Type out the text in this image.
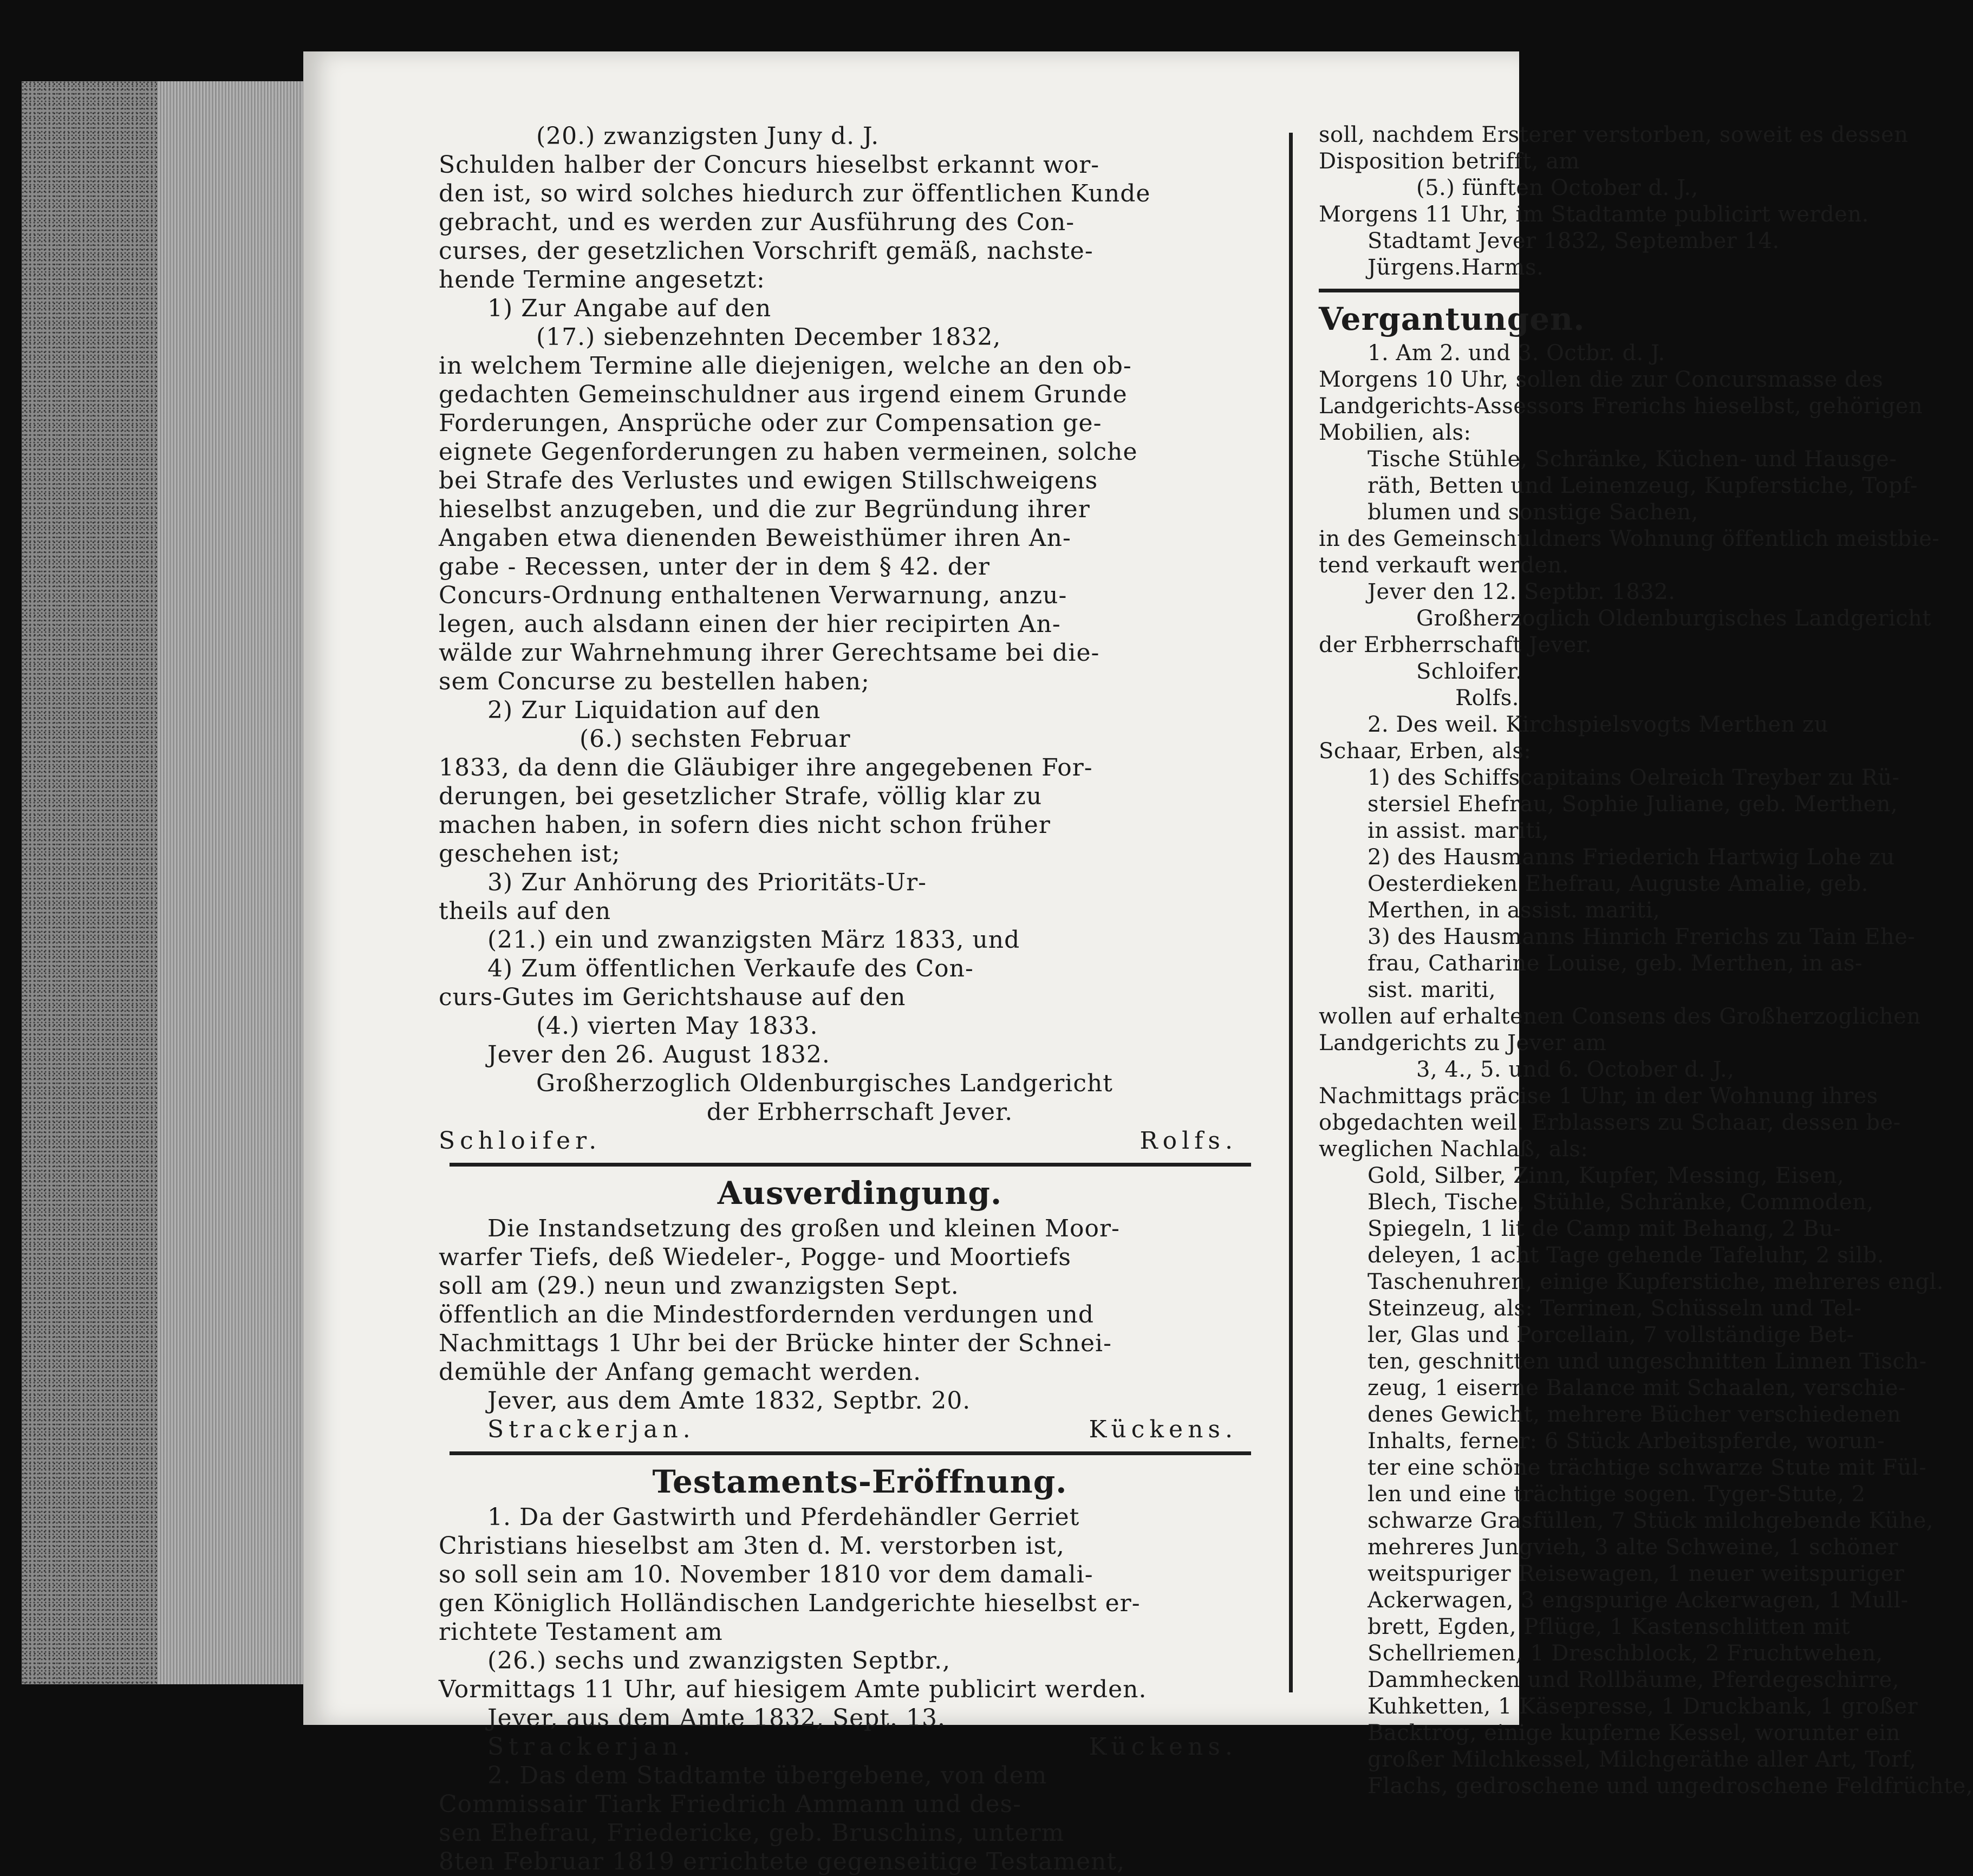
(20.) zwanzigsten Juny d. J.
Schulden halber der Concurs hieselbst erkannt wor-
den ist, so wird solches hiedurch zur öffentlichen Kunde
gebracht, und es werden zur Ausführung des Con-
curses, der gesetzlichen Vorschrift gemäß, nachste-
hende Termine angesetzt:
1) Zur Angabe auf den
(17.) siebenzehnten December 1832,
in welchem Termine alle diejenigen, welche an den ob-
gedachten Gemeinschuldner aus irgend einem Grunde
Forderungen, Ansprüche oder zur Compensation ge-
eignete Gegenforderungen zu haben vermeinen, solche
bei Strafe des Verlustes und ewigen Stillschweigens
hieselbst anzugeben, und die zur Begründung ihrer
Angaben etwa dienenden Beweisthümer ihren An-
gabe - Recessen, unter der in dem § 42. der
Concurs-Ordnung enthaltenen Verwarnung, anzu-
legen, auch alsdann einen der hier recipirten An-
wälde zur Wahrnehmung ihrer Gerechtsame bei die-
sem Concurse zu bestellen haben;
2) Zur Liquidation auf den
(6.) sechsten Februar
1833, da denn die Gläubiger ihre angegebenen For-
derungen, bei gesetzlicher Strafe, völlig klar zu
machen haben, in sofern dies nicht schon früher
geschehen ist;
3) Zur Anhörung des Prioritäts-Ur-
theils auf den
(21.) ein und zwanzigsten März 1833, und
4) Zum öffentlichen Verkaufe des Con-
curs-Gutes im Gerichtshause auf den
(4.) vierten May 1833.
Jever den 26. August 1832.
Großherzoglich Oldenburgisches Landgericht
der Erbherrschaft Jever.
Schloifer.	Rolfs.
Ausverdingung.
Die Instandsetzung des großen und kleinen Moor-
warfer Tiefs, deß Wiedeler-, Pogge- und Moortiefs
soll am (29.) neun und zwanzigsten Sept.
öffentlich an die Mindestfordernden verdungen und
Nachmittags 1 Uhr bei der Brücke hinter der Schnei-
demühle der Anfang gemacht werden.
Jever, aus dem Amte 1832, Septbr. 20.
Strackerjan.	Kückens.
Testaments-Eröffnung.
1. Da der Gastwirth und Pferdehändler Gerriet
Christians hieselbst am 3ten d. M. verstorben ist,
so soll sein am 10. November 1810 vor dem damali-
gen Königlich Holländischen Landgerichte hieselbst er-
richtete Testament am
(26.) sechs und zwanzigsten Septbr.,
Vormittags 11 Uhr, auf hiesigem Amte publicirt werden.
Jever, aus dem Amte 1832, Sept. 13.
Strackerjan.	Kückens.
2. Das dem Stadtamte übergebene, von dem
Commissair Tiark Friedrich Ammann und des-
sen Ehefrau, Friedericke, geb. Bruschins, unterm
8ten Februar 1819 errichtete gegenseitige Testament,
soll, nachdem Ersterer verstorben, soweit es dessen
Disposition betrifft, am
(5.) fünften October d. J.,
Morgens 11 Uhr, im Stadtamte publicirt werden.
Stadtamt Jever 1832, September 14.
Jürgens. Harms.
Vergantungen.
1. Am 2. und 3. Octbr. d. J.
Morgens 10 Uhr, sollen die zur Concursmasse des
Landgerichts-Assessors Frerichs hieselbst, gehörigen
Mobilien, als:
Tische Stühle, Schränke, Küchen- und Hausge-
räth, Betten und Leinenzeug, Kupferstiche, Topf-
blumen und sonstige Sachen,
in des Gemeinschuldners Wohnung öffentlich meistbie-
tend verkauft werden.
Jever den 12. Septbr. 1832.
Großherzoglich Oldenburgisches Landgericht
der Erbherrschaft Jever.
Schloifer.
Rolfs.
2. Des weil. Kirchspielsvogts Merthen zu
Schaar, Erben, als:
1) des Schiffscapitains Oelreich Treyber zu Rü-
stersiel Ehefrau, Sophie Juliane, geb. Merthen,
in assist. mariti,
2) des Hausmanns Friederich Hartwig Lohe zu
Oesterdieken Ehefrau, Auguste Amalie, geb.
Merthen, in assist. mariti,
3) des Hausmanns Hinrich Frerichs zu Tain Ehe-
frau, Catharine Louise, geb. Merthen, in as-
sist. mariti,
wollen auf erhaltenen Consens des Großherzoglichen
Landgerichts zu Jever am
3, 4., 5. und 6. October d. J.,
Nachmittags präcise 1 Uhr, in der Wohnung ihres
obgedachten weil. Erblassers zu Schaar, dessen be-
weglichen Nachlaß, als:
Gold, Silber, Zinn, Kupfer, Messing, Eisen,
Blech, Tische, Stühle, Schränke, Commoden,
Spiegeln, 1 lit de Camp mit Behang, 2 Bu-
deleyen, 1 acht Tage gehende Tafeluhr, 2 silb.
Taschenuhren, einige Kupferstiche, mehreres engl.
Steinzeug, als: Terrinen, Schüsseln und Tel-
ler, Glas und Porcellain, 7 vollständige Bet-
ten, geschnitten und ungeschnitten Linnen Tisch-
zeug, 1 eiserne Balance mit Schaalen, verschie-
denes Gewicht, mehrere Bücher verschiedenen
Inhalts, ferner: 6 Stück Arbeitspferde, worun-
ter eine schöne trächtige schwarze Stute mit Fül-
len und eine trächtige sogen. Tyger-Stute, 2
schwarze Grasfüllen, 7 Stück milchgebende Kühe,
mehreres Jungvieh, 3 alte Schweine, 1 schöner
weitspuriger Reisewagen, 1 neuer weitspuriger
Ackerwagen, 3 engspurige Ackerwagen, 1 Mull-
brett, Egden, Pflüge, 1 Kastenschlitten mit
Schellriemen, 1 Dreschblock, 2 Fruchtwehen,
Dammhecken und Rollbäume, Pferdegeschirre,
Kuhketten, 1 Käsepresse, 1 Druckbank, 1 großer
Backtrog, einige kupferne Kessel, worunter ein
großer Milchkessel, Milchgeräthe aller Art, Torf,
Flachs, gedroschene und ungedroschene Feldfrüchte,
